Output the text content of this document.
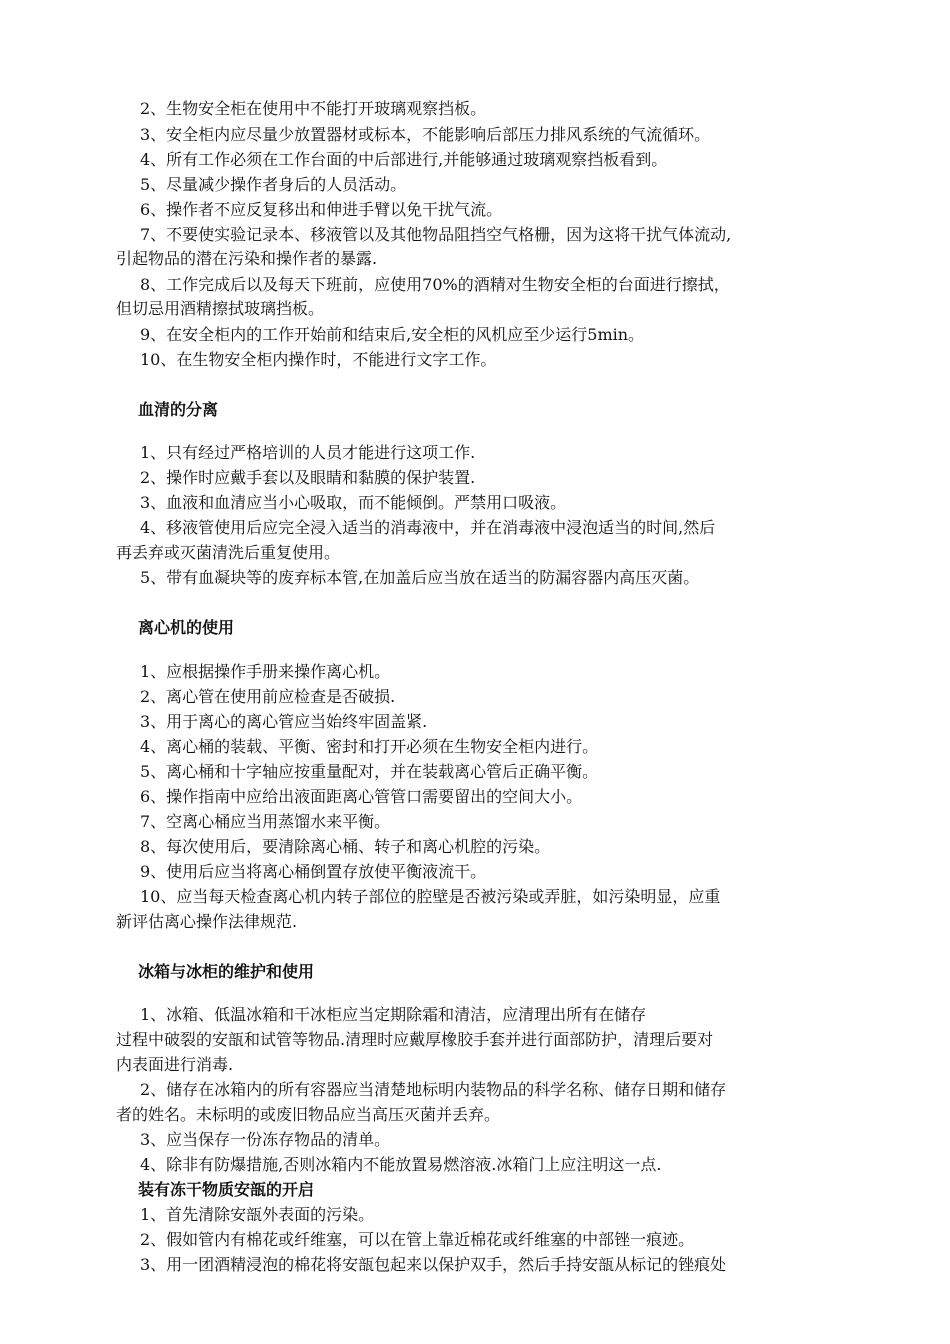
2、生物安全柜在使用中不能打开玻璃观察挡板。
3、安全柜内应尽量少放置器材或标本，不能影响后部压力排风系统的气流循环。
4、所有工作必须在工作台面的中后部进行,并能够通过玻璃观察挡板看到。
5、尽量减少操作者身后的人员活动。
6、操作者不应反复移出和伸进手臂以免干扰气流。
7、不要使实验记录本、移液管以及其他物品阻挡空气格栅，因为这将干扰气体流动,
引起物品的潜在污染和操作者的暴露.
8、工作完成后以及每天下班前，应使用70%的酒精对生物安全柜的台面进行擦拭，
但切忌用酒精擦拭玻璃挡板。
9、在安全柜内的工作开始前和结束后,安全柜的风机应至少运行5min。
10、在生物安全柜内操作时，不能进行文字工作。
血清的分离
1、只有经过严格培训的人员才能进行这项工作.
2、操作时应戴手套以及眼睛和黏膜的保护装置.
3、血液和血清应当小心吸取，而不能倾倒。严禁用口吸液。
4、移液管使用后应完全浸入适当的消毒液中，并在消毒液中浸泡适当的时间,然后
再丢弃或灭菌清洗后重复使用。
5、带有血凝块等的废弃标本管,在加盖后应当放在适当的防漏容器内高压灭菌。
离心机的使用
1、应根据操作手册来操作离心机。
2、离心管在使用前应检查是否破损.
3、用于离心的离心管应当始终牢固盖紧.
4、离心桶的装载、平衡、密封和打开必须在生物安全柜内进行。
5、离心桶和十字轴应按重量配对，并在装载离心管后正确平衡。
6、操作指南中应给出液面距离心管管口需要留出的空间大小。
7、空离心桶应当用蒸馏水来平衡。
8、每次使用后，要清除离心桶、转子和离心机腔的污染。
9、使用后应当将离心桶倒置存放使平衡液流干。
10、应当每天检查离心机内转子部位的腔壁是否被污染或弄脏，如污染明显，应重
新评估离心操作法律规范.
冰箱与冰柜的维护和使用
1、冰箱、低温冰箱和干冰柜应当定期除霜和清洁，应清理出所有在储存
过程中破裂的安瓿和试管等物品.清理时应戴厚橡胶手套并进行面部防护，清理后要对
内表面进行消毒.
2、储存在冰箱内的所有容器应当清楚地标明内装物品的科学名称、储存日期和储存
者的姓名。未标明的或废旧物品应当高压灭菌并丢弃。
3、应当保存一份冻存物品的清单。
4、除非有防爆措施,否则冰箱内不能放置易燃溶液.冰箱门上应注明这一点.
装有冻干物质安瓿的开启
1、首先清除安瓿外表面的污染。
2、假如管内有棉花或纤维塞，可以在管上靠近棉花或纤维塞的中部锉一痕迹。
3、用一团酒精浸泡的棉花将安瓿包起来以保护双手，然后手持安瓿从标记的锉痕处
